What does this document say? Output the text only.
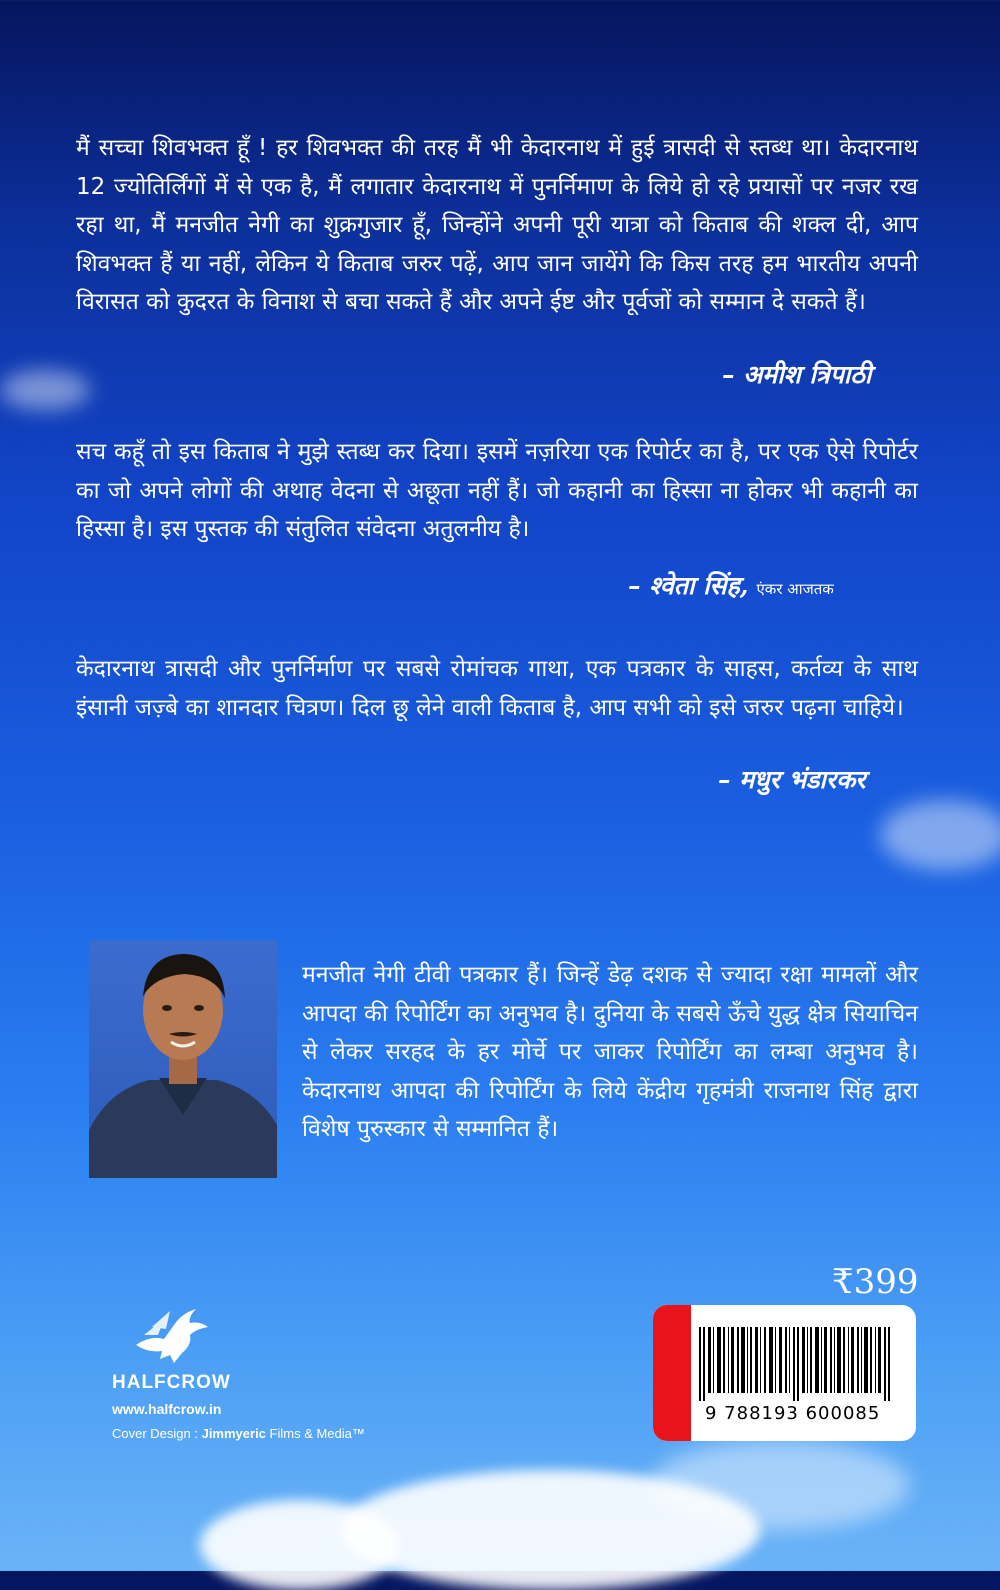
मैं सच्चा शिवभक्त हूँ ! हर शिवभक्त की तरह मैं भी केदारनाथ में हुई त्रासदी से स्तब्ध था। केदारनाथ 12 ज्योतिर्लिंगों में से एक है, मैं लगातार केदारनाथ में पुनर्निमाण के लिये हो रहे प्रयासों पर नजर रख रहा था, मैं मनजीत नेगी का शुक्रगुजार हूँ, जिन्होंने अपनी पूरी यात्रा को किताब की शक्ल दी, आप शिवभक्त हैं या नहीं, लेकिन ये किताब जरुर पढ़ें, आप जान जायेंगे कि किस तरह हम भारतीय अपनी विरासत को कुदरत के विनाश से बचा सकते हैं और अपने ईष्ट और पूर्वजों को सम्मान दे सकते हैं।
– अमीश त्रिपाठी
सच कहूँ तो इस किताब ने मुझे स्तब्ध कर दिया। इसमें नज़रिया एक रिपोर्टर का है, पर एक ऐसे रिपोर्टर का जो अपने लोगों की अथाह वेदना से अछूता नहीं हैं। जो कहानी का हिस्सा ना होकर भी कहानी का हिस्सा है। इस पुस्तक की संतुलित संवेदना अतुलनीय है।
– श्वेता सिंह, एंकर आजतक
केदारनाथ त्रासदी और पुनर्निर्माण पर सबसे रोमांचक गाथा, एक पत्रकार के साहस, कर्तव्य के साथ इंसानी जज़्बे का शानदार चित्रण। दिल छू लेने वाली किताब है, आप सभी को इसे जरुर पढ़ना चाहिये।
– मधुर भंडारकर
मनजीत नेगी टीवी पत्रकार हैं। जिन्हें डेढ़ दशक से ज्यादा रक्षा मामलों और आपदा की रिपोर्टिंग का अनुभव है। दुनिया के सबसे ऊँचे युद्ध क्षेत्र सियाचिन से लेकर सरहद के हर मोर्चे पर जाकर रिपोर्टिंग का लम्बा अनुभव है। केदारनाथ आपदा की रिपोर्टिंग के लिये केंद्रीय गृहमंत्री राजनाथ सिंह द्वारा विशेष पुरुस्कार से सम्मानित हैं।
₹399
9 788193 600085
HALFCROW
www.halfcrow.in
Cover Design : Jimmyeric Films & Media™
